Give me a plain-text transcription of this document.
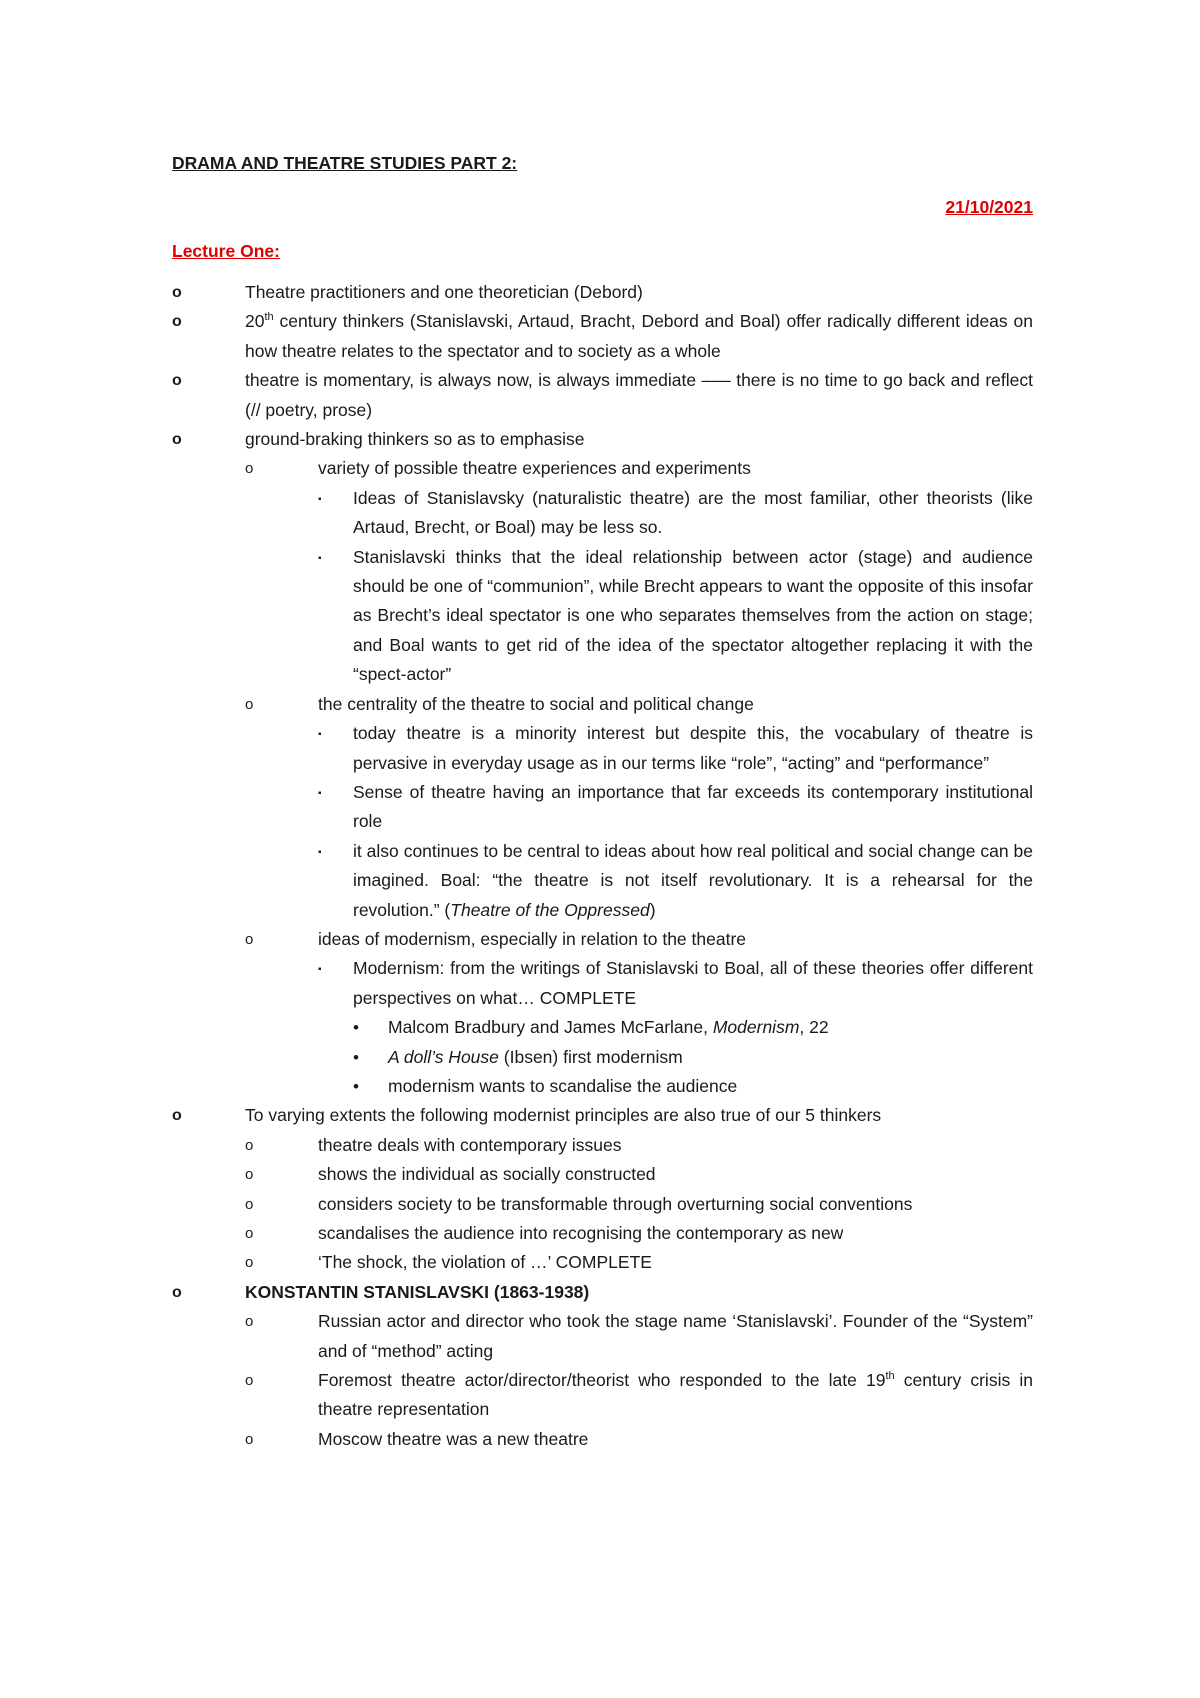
DRAMA AND THEATRE STUDIES PART 2:
21/10/2021
Lecture One:
o	Theatre practitioners and one theoretician (Debord)
o	20th century thinkers (Stanislavski, Artaud, Bracht, Debord and Boal) offer radically different ideas on how theatre relates to the spectator and to society as a whole
o	theatre is momentary, is always now, is always immediate ––– there is no time to go back and reflect (// poetry, prose)
o	ground-braking thinkers so as to emphasise
o	variety of possible theatre experiences and experiments
▪	Ideas of Stanislavsky (naturalistic theatre) are the most familiar, other theorists (like Artaud, Brecht, or Boal) may be less so.
▪	Stanislavski thinks that the ideal relationship between actor (stage) and audience should be one of “communion”, while Brecht appears to want the opposite of this insofar as Brecht’s ideal spectator is one who separates themselves from the action on stage; and Boal wants to get rid of the idea of the spectator altogether replacing it with the “spect-actor”
o	the centrality of the theatre to social and political change
▪	today theatre is a minority interest but despite this, the vocabulary of theatre is pervasive in everyday usage as in our terms like “role”, “acting” and “performance”
▪	Sense of theatre having an importance that far exceeds its contemporary institutional role
▪	it also continues to be central to ideas about how real political and social change can be imagined. Boal: “the theatre is not itself revolutionary. It is a rehearsal for the revolution.” (Theatre of the Oppressed)
o	ideas of modernism, especially in relation to the theatre
▪	Modernism: from the writings of Stanislavski to Boal, all of these theories offer different perspectives on what… COMPLETE
•	Malcom Bradbury and James McFarlane, Modernism, 22
•	A doll’s House (Ibsen) first modernism
•	modernism wants to scandalise the audience
o	To varying extents the following modernist principles are also true of our 5 thinkers
o	theatre deals with contemporary issues
o	shows the individual as socially constructed
o	considers society to be transformable through overturning social conventions
o	scandalises the audience into recognising the contemporary as new
o	‘The shock, the violation of …’ COMPLETE
o	KONSTANTIN STANISLAVSKI (1863-1938)
o	Russian actor and director who took the stage name ‘Stanislavski’. Founder of the “System” and of “method” acting
o	Foremost theatre actor/director/theorist who responded to the late 19th century crisis in theatre representation
o	Moscow theatre was a new theatre
